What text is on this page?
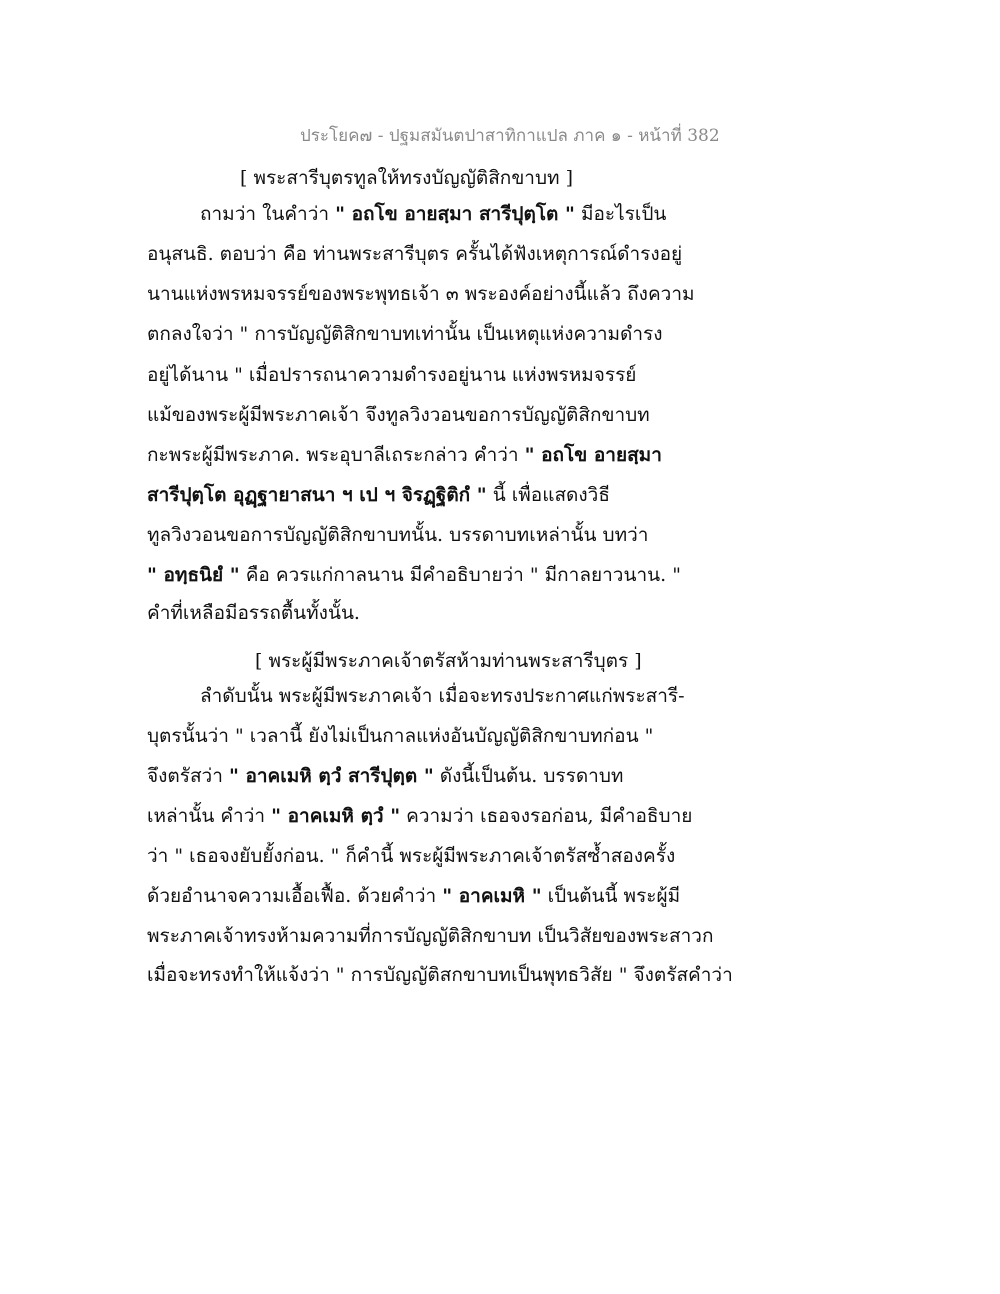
ประโยค๗ - ปฐมสมันตปาสาทิกาแปล ภาค ๑ - หน้าที่ 382
[ พระสารีบุตรทูลให้ทรงบัญญัติสิกขาบท ]
ถามว่า ในคำว่า " อถโข อายสฺมา สารีปุตฺโต " มีอะไรเป็น
อนุสนธิ. ตอบว่า คือ ท่านพระสารีบุตร ครั้นได้ฟังเหตุการณ์ดำรงอยู่
นานแห่งพรหมจรรย์ของพระพุทธเจ้า ๓ พระองค์อย่างนี้แล้ว ถึงความ
ตกลงใจว่า " การบัญญัติสิกขาบทเท่านั้น เป็นเหตุแห่งความดำรง
อยู่ได้นาน " เมื่อปรารถนาความดำรงอยู่นาน แห่งพรหมจรรย์
แม้ของพระผู้มีพระภาคเจ้า จึงทูลวิงวอนขอการบัญญัติสิกขาบท
กะพระผู้มีพระภาค. พระอุบาลีเถระกล่าว คำว่า " อถโข อายสฺมา
สารีปุตฺโต อุฏฺฐายาสนา ฯ เป ฯ จิรฏฺฐิติกํ " นี้ เพื่อแสดงวิธี
ทูลวิงวอนขอการบัญญัติสิกขาบทนั้น. บรรดาบทเหล่านั้น บทว่า
" อทฺธนิยํ " คือ ควรแก่กาลนาน มีคำอธิบายว่า " มีกาลยาวนาน. "
คำที่เหลือมีอรรถตื้นทั้งนั้น.
[ พระผู้มีพระภาคเจ้าตรัสห้ามท่านพระสารีบุตร ]
ลำดับนั้น พระผู้มีพระภาคเจ้า เมื่อจะทรงประกาศแก่พระสารี-
บุตรนั้นว่า " เวลานี้ ยังไม่เป็นกาลแห่งอันบัญญัติสิกขาบทก่อน "
จึงตรัสว่า " อาคเมหิ ตฺวํ สารีปุตฺต " ดังนี้เป็นต้น. บรรดาบท
เหล่านั้น คำว่า " อาคเมหิ ตฺวํ " ความว่า เธอจงรอก่อน, มีคำอธิบาย
ว่า " เธอจงยับยั้งก่อน. " ก็คำนี้ พระผู้มีพระภาคเจ้าตรัสซ้ำสองครั้ง
ด้วยอำนาจความเอื้อเฟื้อ. ด้วยคำว่า " อาคเมหิ " เป็นต้นนี้ พระผู้มี
พระภาคเจ้าทรงห้ามความที่การบัญญัติสิกขาบท เป็นวิสัยของพระสาวก
เมื่อจะทรงทำให้แจ้งว่า " การบัญญัติสกขาบทเป็นพุทธวิสัย " จึงตรัสคำว่า
